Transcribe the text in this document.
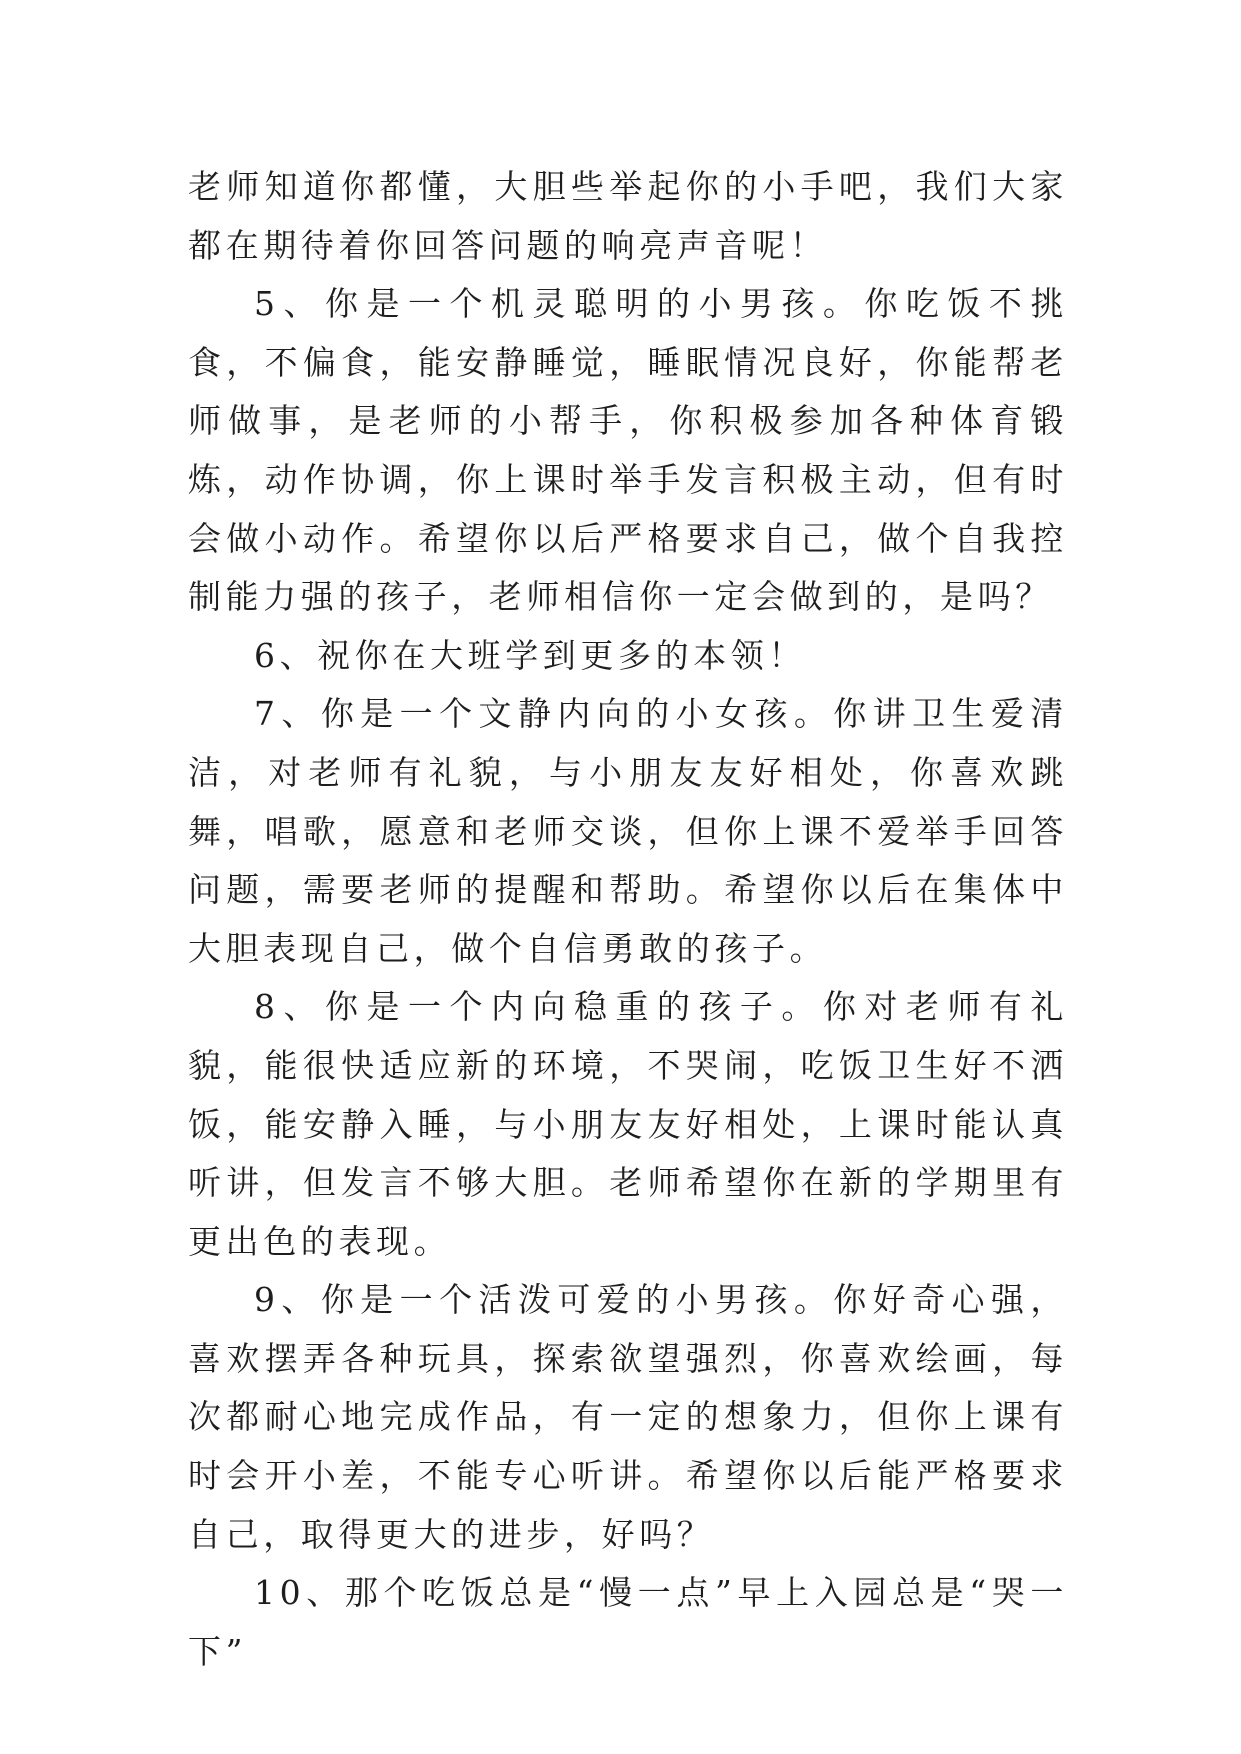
老师知道你都懂，大胆些举起你的小手吧，我们大家都在期待着你回答问题的响亮声音呢！

5、你是一个机灵聪明的小男孩。你吃饭不挑食，不偏食，能安静睡觉，睡眠情况良好，你能帮老师做事，是老师的小帮手，你积极参加各种体育锻炼，动作协调，你上课时举手发言积极主动，但有时会做小动作。希望你以后严格要求自己，做个自我控制能力强的孩子，老师相信你一定会做到的，是吗？

6、祝你在大班学到更多的本领！

7、你是一个文静内向的小女孩。你讲卫生爱清洁，对老师有礼貌，与小朋友友好相处，你喜欢跳舞，唱歌，愿意和老师交谈，但你上课不爱举手回答问题，需要老师的提醒和帮助。希望你以后在集体中大胆表现自己，做个自信勇敢的孩子。

8、你是一个内向稳重的孩子。你对老师有礼貌，能很快适应新的环境，不哭闹，吃饭卫生好不洒饭，能安静入睡，与小朋友友好相处，上课时能认真听讲，但发言不够大胆。老师希望你在新的学期里有更出色的表现。

9、你是一个活泼可爱的小男孩。你好奇心强，喜欢摆弄各种玩具，探索欲望强烈，你喜欢绘画，每次都耐心地完成作品，有一定的想象力，但你上课有时会开小差，不能专心听讲。希望你以后能严格要求自己，取得更大的进步，好吗？

10、那个吃饭总是“慢一点”早上入园总是“哭一下”
